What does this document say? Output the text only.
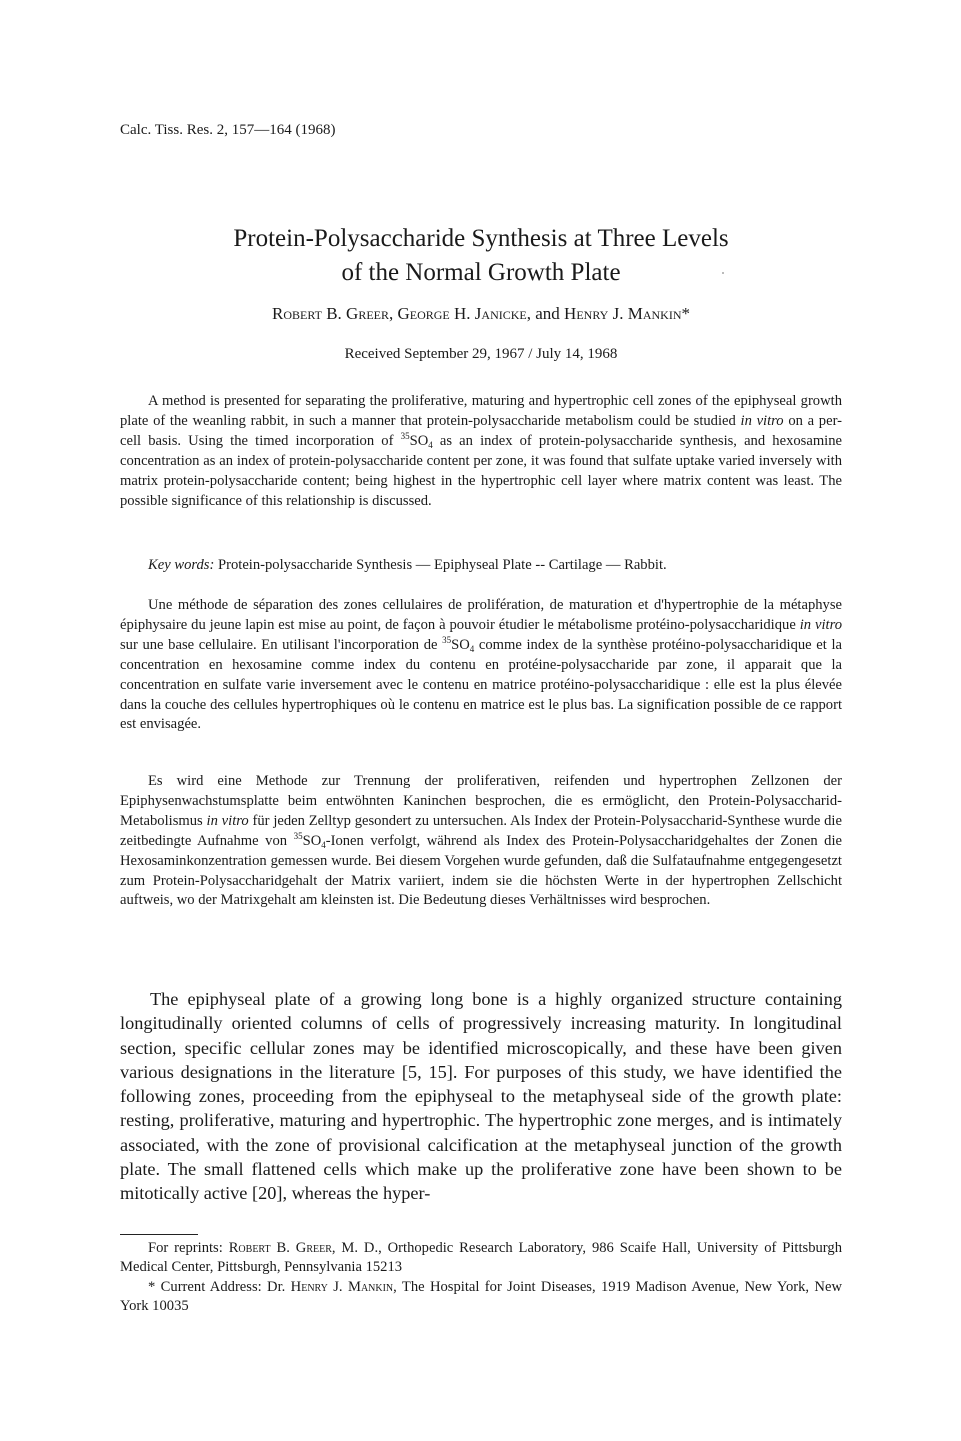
Calc. Tiss. Res. 2, 157—164 (1968)
Protein-Polysaccharide Synthesis at Three Levels
of the Normal Growth Plate
Robert B. Greer, George H. Janicke, and Henry J. Mankin*
Received September 29, 1967 / July 14, 1968

A method is presented for separating the proliferative, maturing and hypertrophic cell zones of the epiphyseal growth plate of the weanling rabbit, in such a manner that protein-polysaccharide metabolism could be studied in vitro on a per-cell basis. Using the timed incorporation of $^{35}SO_4$ as an index of protein-polysaccharide synthesis, and hexosamine concentration as an index of protein-polysaccharide content per zone, it was found that sulfate uptake varied inversely with matrix protein-polysaccharide content; being highest in the hypertrophic cell layer where matrix content was least. The possible significance of this relationship is discussed.

Key words: Protein-polysaccharide Synthesis — Epiphyseal Plate -- Cartilage — Rabbit.

Une méthode de séparation des zones cellulaires de prolifération, de maturation et d'hypertrophie de la métaphyse épiphysaire du jeune lapin est mise au point, de façon à pouvoir étudier le métabolisme protéino-polysaccharidique in vitro sur une base cellulaire. En utilisant l'incorporation de $^{35}SO_4$ comme index de la synthèse protéino-polysaccharidique et la concentration en hexosamine comme index du contenu en protéine-polysaccharide par zone, il apparait que la concentration en sulfate varie inversement avec le contenu en matrice protéino-polysaccharidique : elle est la plus élevée dans la couche des cellules hypertrophiques où le contenu en matrice est le plus bas. La signification possible de ce rapport est envisagée.

Es wird eine Methode zur Trennung der proliferativen, reifenden und hypertrophen Zellzonen der Epiphysenwachstumsplatte beim entwöhnten Kaninchen besprochen, die es ermöglicht, den Protein-Polysaccharid-Metabolismus in vitro für jeden Zelltyp gesondert zu untersuchen. Als Index der Protein-Polysaccharid-Synthese wurde die zeitbedingte Aufnahme von $^{35}SO_4$-Ionen verfolgt, während als Index des Protein-Polysaccharidgehaltes der Zonen die Hexosaminkonzentration gemessen wurde. Bei diesem Vorgehen wurde gefunden, daß die Sulfataufnahme entgegengesetzt zum Protein-Polysaccharidgehalt der Matrix variiert, indem sie die höchsten Werte in der hypertrophen Zellschicht auftweis, wo der Matrixgehalt am kleinsten ist. Die Bedeutung dieses Verhältnisses wird besprochen.

The epiphyseal plate of a growing long bone is a highly organized structure containing longitudinally oriented columns of cells of progressively increasing maturity. In longitudinal section, specific cellular zones may be identified microscopically, and these have been given various designations in the literature [5, 15]. For purposes of this study, we have identified the following zones, proceeding from the epiphyseal to the metaphyseal side of the growth plate: resting, proliferative, maturing and hypertrophic. The hypertrophic zone merges, and is intimately associated, with the zone of provisional calcification at the metaphyseal junction of the growth plate. The small flattened cells which make up the proliferative zone have been shown to be mitotically active [20], whereas the hyper-

For reprints: Robert B. Greer, M. D., Orthopedic Research Laboratory, 986 Scaife Hall, University of Pittsburgh Medical Center, Pittsburgh, Pennsylvania 15213

* Current Address: Dr. Henry J. Mankin, The Hospital for Joint Diseases, 1919 Madison Avenue, New York, New York 10035
